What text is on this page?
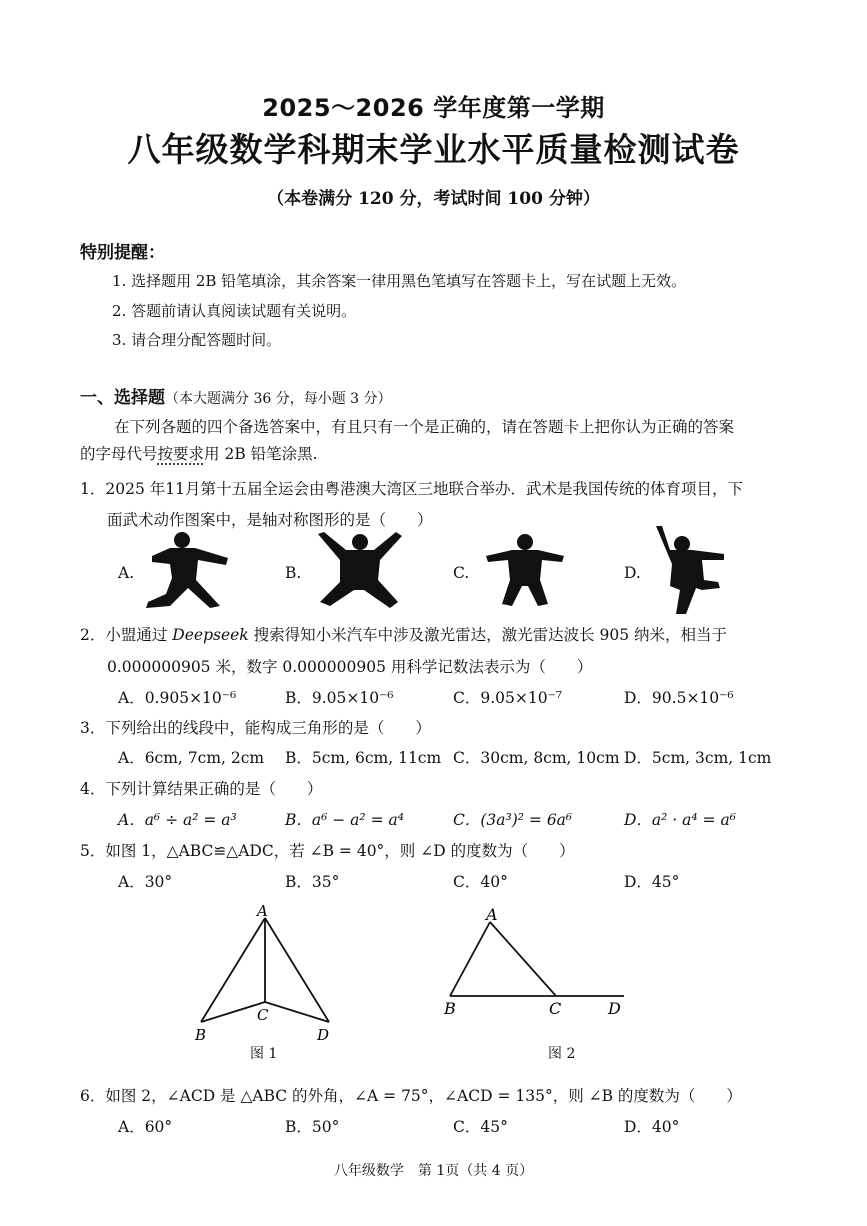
2025～2026 学年度第一学期
八年级数学科期末学业水平质量检测试卷
（本卷满分 120 分，考试时间 100 分钟）
特别提醒：
1. 选择题用 2B 铅笔填涂，其余答案一律用黑色笔填写在答题卡上，写在试题上无效。
2. 答题前请认真阅读试题有关说明。
3. 请合理分配答题时间。
一、选择题（本大题满分 36 分，每小题 3 分）
在下列各题的四个备选答案中，有且只有一个是正确的，请在答题卡上把你认为正确的答案
的字母代号按要求用 2B 铅笔涂黑.
1．2025 年11月第十五届全运会由粤港澳大湾区三地联合举办．武术是我国传统的体育项目，下
面武术动作图案中，是轴对称图形的是（　　）
A.	B.	C.	D.
2．小盟通过 Deepseek 搜索得知小米汽车中涉及激光雷达，激光雷达波长 905 纳米，相当于
0.000000905 米，数字 0.000000905 用科学记数法表示为（　　）
A．0.905×10⁻⁶	B．9.05×10⁻⁶	C．9.05×10⁻⁷	D．90.5×10⁻⁶
3．下列给出的线段中，能构成三角形的是（　　）
A．6cm, 7cm, 2cm B．5cm, 6cm, 11cm C．30cm, 8cm, 10cm D．5cm, 3cm, 1cm
4．下列计算结果正确的是（　　）
A．a⁶ ÷ a² = a³	B．a⁶ − a² = a⁴	C．(3a³)² = 6a⁶	D．a² · a⁴ = a⁶
5．如图 1，△ABC≌△ADC，若 ∠B = 40°，则 ∠D 的度数为（　　）
A．30°	B．35°	C．40°	D．45°
A
B
C
D
图 1
A
B	C	D
图 2
6．如图 2，∠ACD 是 △ABC 的外角，∠A = 75°，∠ACD = 135°，则 ∠B 的度数为（　　）
A．60°	B．50°	C．45°	D．40°
八年级数学　第 1页（共 4 页）
